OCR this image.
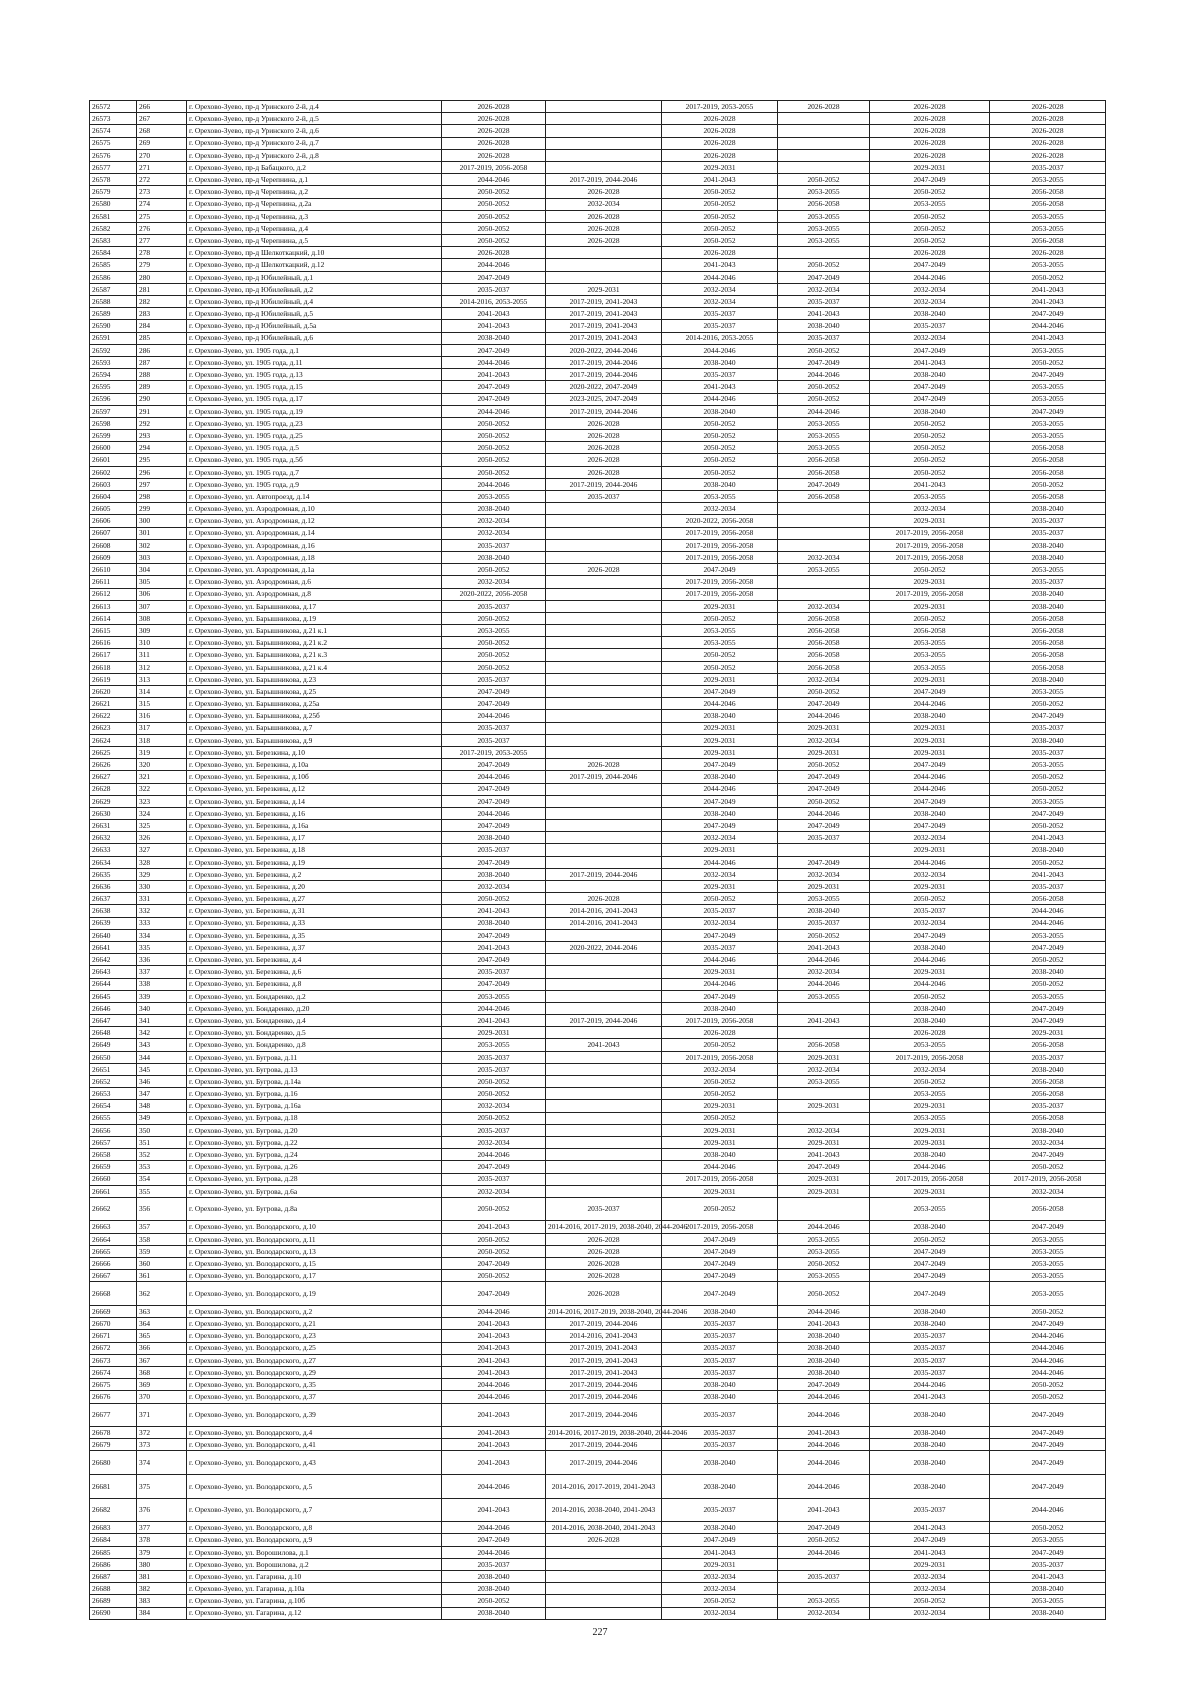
26572	266	г. Орехово-Зуево, пр-д Уринского 2-й, д.4	2026-2028		2017-2019, 2053-2055	2026-2028	2026-2028	2026-2028
26573	267	г. Орехово-Зуево, пр-д Уринского 2-й, д.5	2026-2028		2026-2028		2026-2028	2026-2028
26574	268	г. Орехово-Зуево, пр-д Уринского 2-й, д.6	2026-2028		2026-2028		2026-2028	2026-2028
26575	269	г. Орехово-Зуево, пр-д Уринского 2-й, д.7	2026-2028		2026-2028		2026-2028	2026-2028
26576	270	г. Орехово-Зуево, пр-д Уринского 2-й, д.8	2026-2028		2026-2028		2026-2028	2026-2028
26577	271	г. Орехово-Зуево, пр-д Бабацкого, д.2	2017-2019, 2056-2058		2029-2031		2029-2031	2035-2037
26578	272	г. Орехово-Зуево, пр-д Черепнина, д.1	2044-2046	2017-2019, 2044-2046	2041-2043	2050-2052	2047-2049	2053-2055
26579	273	г. Орехово-Зуево, пр-д Черепнина, д.2	2050-2052	2026-2028	2050-2052	2053-2055	2050-2052	2056-2058
26580	274	г. Орехово-Зуево, пр-д Черепнина, д.2а	2050-2052	2032-2034	2050-2052	2056-2058	2053-2055	2056-2058
26581	275	г. Орехово-Зуево, пр-д Черепнина, д.3	2050-2052	2026-2028	2050-2052	2053-2055	2050-2052	2053-2055
26582	276	г. Орехово-Зуево, пр-д Черепнина, д.4	2050-2052	2026-2028	2050-2052	2053-2055	2050-2052	2053-2055
26583	277	г. Орехово-Зуево, пр-д Черепнина, д.5	2050-2052	2026-2028	2050-2052	2053-2055	2050-2052	2056-2058
26584	278	г. Орехово-Зуево, пр-д Шелкоткацкий, д.10	2026-2028		2026-2028		2026-2028	2026-2028
26585	279	г. Орехово-Зуево, пр-д Шелкоткацкий, д.12	2044-2046		2041-2043	2050-2052	2047-2049	2053-2055
26586	280	г. Орехово-Зуево, пр-д Юбилейный, д.1	2047-2049		2044-2046	2047-2049	2044-2046	2050-2052
26587	281	г. Орехово-Зуево, пр-д Юбилейный, д.2	2035-2037	2029-2031	2032-2034	2032-2034	2032-2034	2041-2043
26588	282	г. Орехово-Зуево, пр-д Юбилейный, д.4	2014-2016, 2053-2055	2017-2019, 2041-2043	2032-2034	2035-2037	2032-2034	2041-2043
26589	283	г. Орехово-Зуево, пр-д Юбилейный, д.5	2041-2043	2017-2019, 2041-2043	2035-2037	2041-2043	2038-2040	2047-2049
26590	284	г. Орехово-Зуево, пр-д Юбилейный, д.5а	2041-2043	2017-2019, 2041-2043	2035-2037	2038-2040	2035-2037	2044-2046
26591	285	г. Орехово-Зуево, пр-д Юбилейный, д.6	2038-2040	2017-2019, 2041-2043	2014-2016, 2053-2055	2035-2037	2032-2034	2041-2043
26592	286	г. Орехово-Зуево, ул. 1905 года, д.1	2047-2049	2020-2022, 2044-2046	2044-2046	2050-2052	2047-2049	2053-2055
26593	287	г. Орехово-Зуево, ул. 1905 года, д.11	2044-2046	2017-2019, 2044-2046	2038-2040	2047-2049	2041-2043	2050-2052
26594	288	г. Орехово-Зуево, ул. 1905 года, д.13	2041-2043	2017-2019, 2044-2046	2035-2037	2044-2046	2038-2040	2047-2049
26595	289	г. Орехово-Зуево, ул. 1905 года, д.15	2047-2049	2020-2022, 2047-2049	2041-2043	2050-2052	2047-2049	2053-2055
26596	290	г. Орехово-Зуево, ул. 1905 года, д.17	2047-2049	2023-2025, 2047-2049	2044-2046	2050-2052	2047-2049	2053-2055
26597	291	г. Орехово-Зуево, ул. 1905 года, д.19	2044-2046	2017-2019, 2044-2046	2038-2040	2044-2046	2038-2040	2047-2049
26598	292	г. Орехово-Зуево, ул. 1905 года, д.23	2050-2052	2026-2028	2050-2052	2053-2055	2050-2052	2053-2055
26599	293	г. Орехово-Зуево, ул. 1905 года, д.25	2050-2052	2026-2028	2050-2052	2053-2055	2050-2052	2053-2055
26600	294	г. Орехово-Зуево, ул. 1905 года, д.5	2050-2052	2026-2028	2050-2052	2053-2055	2050-2052	2056-2058
26601	295	г. Орехово-Зуево, ул. 1905 года, д.5б	2050-2052	2026-2028	2050-2052	2056-2058	2050-2052	2056-2058
26602	296	г. Орехово-Зуево, ул. 1905 года, д.7	2050-2052	2026-2028	2050-2052	2056-2058	2050-2052	2056-2058
26603	297	г. Орехово-Зуево, ул. 1905 года, д.9	2044-2046	2017-2019, 2044-2046	2038-2040	2047-2049	2041-2043	2050-2052
26604	298	г. Орехово-Зуево, ул. Автопроезд, д.14	2053-2055	2035-2037	2053-2055	2056-2058	2053-2055	2056-2058
26605	299	г. Орехово-Зуево, ул. Аэродромная, д.10	2038-2040		2032-2034		2032-2034	2038-2040
26606	300	г. Орехово-Зуево, ул. Аэродромная, д.12	2032-2034		2020-2022, 2056-2058		2029-2031	2035-2037
26607	301	г. Орехово-Зуево, ул. Аэродромная, д.14	2032-2034		2017-2019, 2056-2058		2017-2019, 2056-2058	2035-2037
26608	302	г. Орехово-Зуево, ул. Аэродромная, д.16	2035-2037		2017-2019, 2056-2058		2017-2019, 2056-2058	2038-2040
26609	303	г. Орехово-Зуево, ул. Аэродромная, д.18	2038-2040		2017-2019, 2056-2058	2032-2034	2017-2019, 2056-2058	2038-2040
26610	304	г. Орехово-Зуево, ул. Аэродромная, д.1а	2050-2052	2026-2028	2047-2049	2053-2055	2050-2052	2053-2055
26611	305	г. Орехово-Зуево, ул. Аэродромная, д.6	2032-2034		2017-2019, 2056-2058		2029-2031	2035-2037
26612	306	г. Орехово-Зуево, ул. Аэродромная, д.8	2020-2022, 2056-2058		2017-2019, 2056-2058		2017-2019, 2056-2058	2038-2040
26613	307	г. Орехово-Зуево, ул. Барышникова, д.17	2035-2037		2029-2031	2032-2034	2029-2031	2038-2040
26614	308	г. Орехово-Зуево, ул. Барышникова, д.19	2050-2052		2050-2052	2056-2058	2050-2052	2056-2058
26615	309	г. Орехово-Зуево, ул. Барышникова, д.21 к.1	2053-2055		2053-2055	2056-2058	2056-2058	2056-2058
26616	310	г. Орехово-Зуево, ул. Барышникова, д.21 к.2	2050-2052		2053-2055	2056-2058	2053-2055	2056-2058
26617	311	г. Орехово-Зуево, ул. Барышникова, д.21 к.3	2050-2052		2050-2052	2056-2058	2053-2055	2056-2058
26618	312	г. Орехово-Зуево, ул. Барышникова, д.21 к.4	2050-2052		2050-2052	2056-2058	2053-2055	2056-2058
26619	313	г. Орехово-Зуево, ул. Барышникова, д.23	2035-2037		2029-2031	2032-2034	2029-2031	2038-2040
26620	314	г. Орехово-Зуево, ул. Барышникова, д.25	2047-2049		2047-2049	2050-2052	2047-2049	2053-2055
26621	315	г. Орехово-Зуево, ул. Барышникова, д.25а	2047-2049		2044-2046	2047-2049	2044-2046	2050-2052
26622	316	г. Орехово-Зуево, ул. Барышникова, д.25б	2044-2046		2038-2040	2044-2046	2038-2040	2047-2049
26623	317	г. Орехово-Зуево, ул. Барышникова, д.7	2035-2037		2029-2031	2029-2031	2029-2031	2035-2037
26624	318	г. Орехово-Зуево, ул. Барышникова, д.9	2035-2037		2029-2031	2032-2034	2029-2031	2038-2040
26625	319	г. Орехово-Зуево, ул. Березкина, д.10	2017-2019, 2053-2055		2029-2031	2029-2031	2029-2031	2035-2037
26626	320	г. Орехово-Зуево, ул. Березкина, д.10а	2047-2049	2026-2028	2047-2049	2050-2052	2047-2049	2053-2055
26627	321	г. Орехово-Зуево, ул. Березкина, д.10б	2044-2046	2017-2019, 2044-2046	2038-2040	2047-2049	2044-2046	2050-2052
26628	322	г. Орехово-Зуево, ул. Березкина, д.12	2047-2049		2044-2046	2047-2049	2044-2046	2050-2052
26629	323	г. Орехово-Зуево, ул. Березкина, д.14	2047-2049		2047-2049	2050-2052	2047-2049	2053-2055
26630	324	г. Орехово-Зуево, ул. Березкина, д.16	2044-2046		2038-2040	2044-2046	2038-2040	2047-2049
26631	325	г. Орехово-Зуево, ул. Березкина, д.16а	2047-2049		2047-2049	2047-2049	2047-2049	2050-2052
26632	326	г. Орехово-Зуево, ул. Березкина, д.17	2038-2040		2032-2034	2035-2037	2032-2034	2041-2043
26633	327	г. Орехово-Зуево, ул. Березкина, д.18	2035-2037		2029-2031		2029-2031	2038-2040
26634	328	г. Орехово-Зуево, ул. Березкина, д.19	2047-2049		2044-2046	2047-2049	2044-2046	2050-2052
26635	329	г. Орехово-Зуево, ул. Березкина, д.2	2038-2040	2017-2019, 2044-2046	2032-2034	2032-2034	2032-2034	2041-2043
26636	330	г. Орехово-Зуево, ул. Березкина, д.20	2032-2034		2029-2031	2029-2031	2029-2031	2035-2037
26637	331	г. Орехово-Зуево, ул. Березкина, д.27	2050-2052	2026-2028	2050-2052	2053-2055	2050-2052	2056-2058
26638	332	г. Орехово-Зуево, ул. Березкина, д.31	2041-2043	2014-2016, 2041-2043	2035-2037	2038-2040	2035-2037	2044-2046
26639	333	г. Орехово-Зуево, ул. Березкина, д.33	2038-2040	2014-2016, 2041-2043	2032-2034	2035-2037	2032-2034	2044-2046
26640	334	г. Орехово-Зуево, ул. Березкина, д.35	2047-2049		2047-2049	2050-2052	2047-2049	2053-2055
26641	335	г. Орехово-Зуево, ул. Березкина, д.37	2041-2043	2020-2022, 2044-2046	2035-2037	2041-2043	2038-2040	2047-2049
26642	336	г. Орехово-Зуево, ул. Березкина, д.4	2047-2049		2044-2046	2044-2046	2044-2046	2050-2052
26643	337	г. Орехово-Зуево, ул. Березкина, д.6	2035-2037		2029-2031	2032-2034	2029-2031	2038-2040
26644	338	г. Орехово-Зуево, ул. Березкина, д.8	2047-2049		2044-2046	2044-2046	2044-2046	2050-2052
26645	339	г. Орехово-Зуево, ул. Бондаренко, д.2	2053-2055		2047-2049	2053-2055	2050-2052	2053-2055
26646	340	г. Орехово-Зуево, ул. Бондаренко, д.20	2044-2046		2038-2040		2038-2040	2047-2049
26647	341	г. Орехово-Зуево, ул. Бондаренко, д.4	2041-2043	2017-2019, 2044-2046	2017-2019, 2056-2058	2041-2043	2038-2040	2047-2049
26648	342	г. Орехово-Зуево, ул. Бондаренко, д.5	2029-2031		2026-2028		2026-2028	2029-2031
26649	343	г. Орехово-Зуево, ул. Бондаренко, д.8	2053-2055	2041-2043	2050-2052	2056-2058	2053-2055	2056-2058
26650	344	г. Орехово-Зуево, ул. Бугрова, д.11	2035-2037		2017-2019, 2056-2058	2029-2031	2017-2019, 2056-2058	2035-2037
26651	345	г. Орехово-Зуево, ул. Бугрова, д.13	2035-2037		2032-2034	2032-2034	2032-2034	2038-2040
26652	346	г. Орехово-Зуево, ул. Бугрова, д.14а	2050-2052		2050-2052	2053-2055	2050-2052	2056-2058
26653	347	г. Орехово-Зуево, ул. Бугрова, д.16	2050-2052		2050-2052		2053-2055	2056-2058
26654	348	г. Орехово-Зуево, ул. Бугрова, д.16а	2032-2034		2029-2031	2029-2031	2029-2031	2035-2037
26655	349	г. Орехово-Зуево, ул. Бугрова, д.18	2050-2052		2050-2052		2053-2055	2056-2058
26656	350	г. Орехово-Зуево, ул. Бугрова, д.20	2035-2037		2029-2031	2032-2034	2029-2031	2038-2040
26657	351	г. Орехово-Зуево, ул. Бугрова, д.22	2032-2034		2029-2031	2029-2031	2029-2031	2032-2034
26658	352	г. Орехово-Зуево, ул. Бугрова, д.24	2044-2046		2038-2040	2041-2043	2038-2040	2047-2049
26659	353	г. Орехово-Зуево, ул. Бугрова, д.26	2047-2049		2044-2046	2047-2049	2044-2046	2050-2052
26660	354	г. Орехово-Зуево, ул. Бугрова, д.28	2035-2037		2017-2019, 2056-2058	2029-2031	2017-2019, 2056-2058	2017-2019, 2056-2058
26661	355	г. Орехово-Зуево, ул. Бугрова, д.6а	2032-2034		2029-2031	2029-2031	2029-2031	2032-2034
26662	356	г. Орехово-Зуево, ул. Бугрова, д.8а	2050-2052	2035-2037	2050-2052		2053-2055	2056-2058
26663	357	г. Орехово-Зуево, ул. Володарского, д.10	2041-2043	2014-2016, 2017-2019, 2038-2040, 2044-2046	2017-2019, 2056-2058	2044-2046	2038-2040	2047-2049
26664	358	г. Орехово-Зуево, ул. Володарского, д.11	2050-2052	2026-2028	2047-2049	2053-2055	2050-2052	2053-2055
26665	359	г. Орехово-Зуево, ул. Володарского, д.13	2050-2052	2026-2028	2047-2049	2053-2055	2047-2049	2053-2055
26666	360	г. Орехово-Зуево, ул. Володарского, д.15	2047-2049	2026-2028	2047-2049	2050-2052	2047-2049	2053-2055
26667	361	г. Орехово-Зуево, ул. Володарского, д.17	2050-2052	2026-2028	2047-2049	2053-2055	2047-2049	2053-2055
26668	362	г. Орехово-Зуево, ул. Володарского, д.19	2047-2049	2026-2028	2047-2049	2050-2052	2047-2049	2053-2055
26669	363	г. Орехово-Зуево, ул. Володарского, д.2	2044-2046	2014-2016, 2017-2019, 2038-2040, 2044-2046	2038-2040	2044-2046	2038-2040	2050-2052
26670	364	г. Орехово-Зуево, ул. Володарского, д.21	2041-2043	2017-2019, 2044-2046	2035-2037	2041-2043	2038-2040	2047-2049
26671	365	г. Орехово-Зуево, ул. Володарского, д.23	2041-2043	2014-2016, 2041-2043	2035-2037	2038-2040	2035-2037	2044-2046
26672	366	г. Орехово-Зуево, ул. Володарского, д.25	2041-2043	2017-2019, 2041-2043	2035-2037	2038-2040	2035-2037	2044-2046
26673	367	г. Орехово-Зуево, ул. Володарского, д.27	2041-2043	2017-2019, 2041-2043	2035-2037	2038-2040	2035-2037	2044-2046
26674	368	г. Орехово-Зуево, ул. Володарского, д.29	2041-2043	2017-2019, 2041-2043	2035-2037	2038-2040	2035-2037	2044-2046
26675	369	г. Орехово-Зуево, ул. Володарского, д.35	2044-2046	2017-2019, 2044-2046	2038-2040	2047-2049	2044-2046	2050-2052
26676	370	г. Орехово-Зуево, ул. Володарского, д.37	2044-2046	2017-2019, 2044-2046	2038-2040	2044-2046	2041-2043	2050-2052
26677	371	г. Орехово-Зуево, ул. Володарского, д.39	2041-2043	2017-2019, 2044-2046	2035-2037	2044-2046	2038-2040	2047-2049
26678	372	г. Орехово-Зуево, ул. Володарского, д.4	2041-2043	2014-2016, 2017-2019, 2038-2040, 2044-2046	2035-2037	2041-2043	2038-2040	2047-2049
26679	373	г. Орехово-Зуево, ул. Володарского, д.41	2041-2043	2017-2019, 2044-2046	2035-2037	2044-2046	2038-2040	2047-2049
26680	374	г. Орехово-Зуево, ул. Володарского, д.43	2041-2043	2017-2019, 2044-2046	2038-2040	2044-2046	2038-2040	2047-2049
26681	375	г. Орехово-Зуево, ул. Володарского, д.5	2044-2046	2014-2016, 2017-2019, 2041-2043	2038-2040	2044-2046	2038-2040	2047-2049
26682	376	г. Орехово-Зуево, ул. Володарского, д.7	2041-2043	2014-2016, 2038-2040, 2041-2043	2035-2037	2041-2043	2035-2037	2044-2046
26683	377	г. Орехово-Зуево, ул. Володарского, д.8	2044-2046	2014-2016, 2038-2040, 2041-2043	2038-2040	2047-2049	2041-2043	2050-2052
26684	378	г. Орехово-Зуево, ул. Володарского, д.9	2047-2049	2026-2028	2047-2049	2050-2052	2047-2049	2053-2055
26685	379	г. Орехово-Зуево, ул. Ворошилова, д.1	2044-2046		2041-2043	2044-2046	2041-2043	2047-2049
26686	380	г. Орехово-Зуево, ул. Ворошилова, д.2	2035-2037		2029-2031		2029-2031	2035-2037
26687	381	г. Орехово-Зуево, ул. Гагарина, д.10	2038-2040		2032-2034	2035-2037	2032-2034	2041-2043
26688	382	г. Орехово-Зуево, ул. Гагарина, д.10а	2038-2040		2032-2034		2032-2034	2038-2040
26689	383	г. Орехово-Зуево, ул. Гагарина, д.10б	2050-2052		2050-2052	2053-2055	2050-2052	2053-2055
26690	384	г. Орехово-Зуево, ул. Гагарина, д.12	2038-2040		2032-2034	2032-2034	2032-2034	2038-2040
227
